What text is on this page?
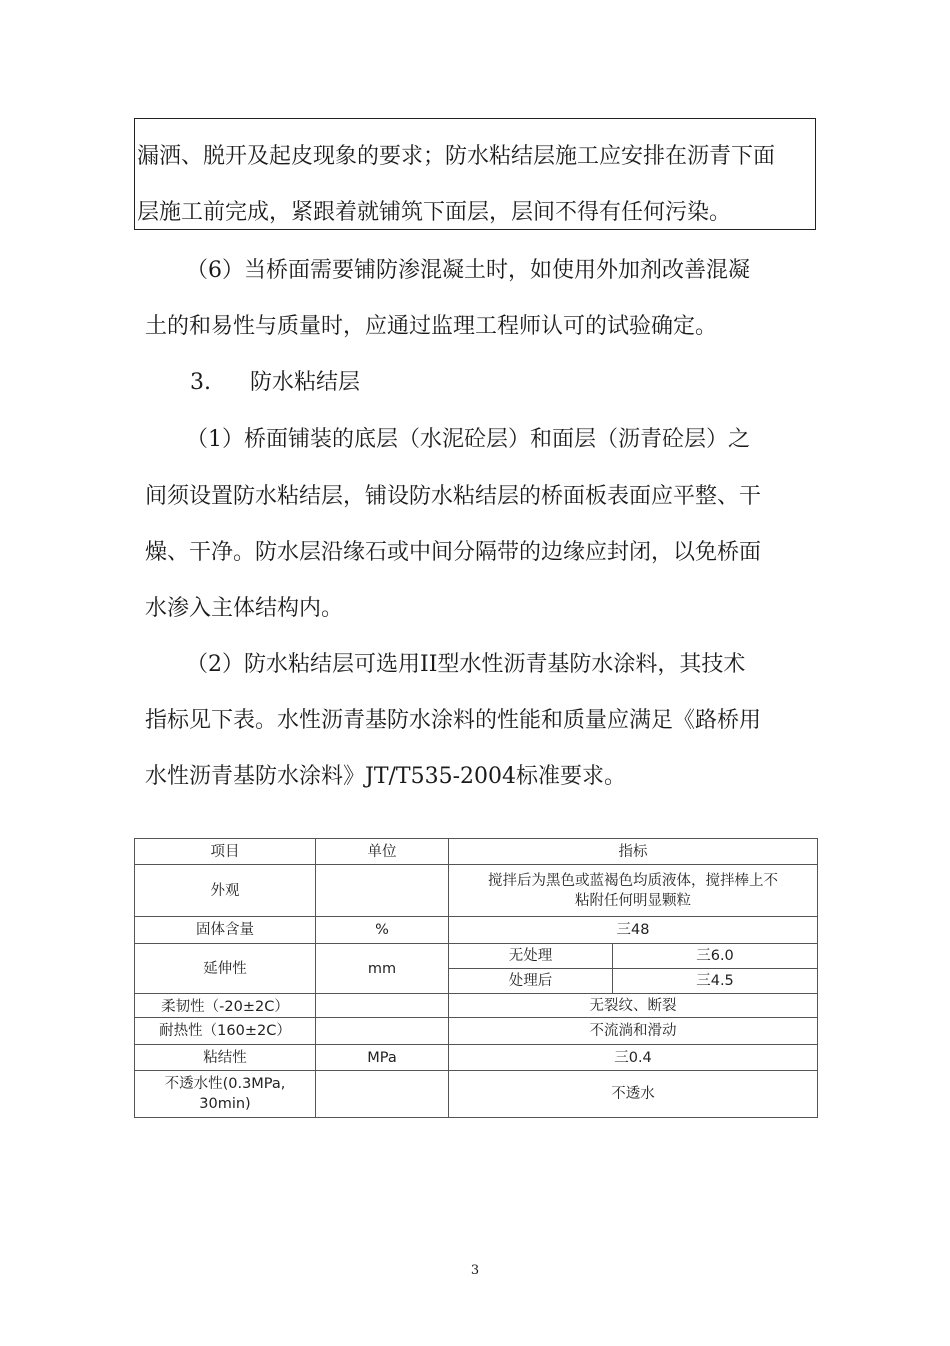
漏洒、脱开及起皮现象的要求；防水粘结层施工应安排在沥青下面
层施工前完成，紧跟着就铺筑下面层，层间不得有任何污染。
（6）当桥面需要铺防渗混凝土时，如使用外加剂改善混凝
土的和易性与质量时，应通过监理工程师认可的试验确定。
3. 防水粘结层
（1）桥面铺装的底层（水泥砼层）和面层（沥青砼层）之
间须设置防水粘结层，铺设防水粘结层的桥面板表面应平整、干
燥、干净。防水层沿缘石或中间分隔带的边缘应封闭，以免桥面
水渗入主体结构内。
（2）防水粘结层可选用II型水性沥青基防水涂料，其技术
指标见下表。水性沥青基防水涂料的性能和质量应满足《路桥用
水性沥青基防水涂料》JT/T535-2004标准要求。
项目	单位	指标	
外观		搅拌后为黑色或蓝褐色均质液体，搅拌棒上不
粘附任何明显颗粒	

固体含量	%	三48	
延伸性	mm	无处理	三6.0
		处理后	三4.5

柔韧性（-20±2C）		无裂纹、断裂	
耐热性（160±2C）		不流淌和滑动	
粘结性	MPa	三0.4	

不透水性(0.3MPa,
30min)		不透水	
3
